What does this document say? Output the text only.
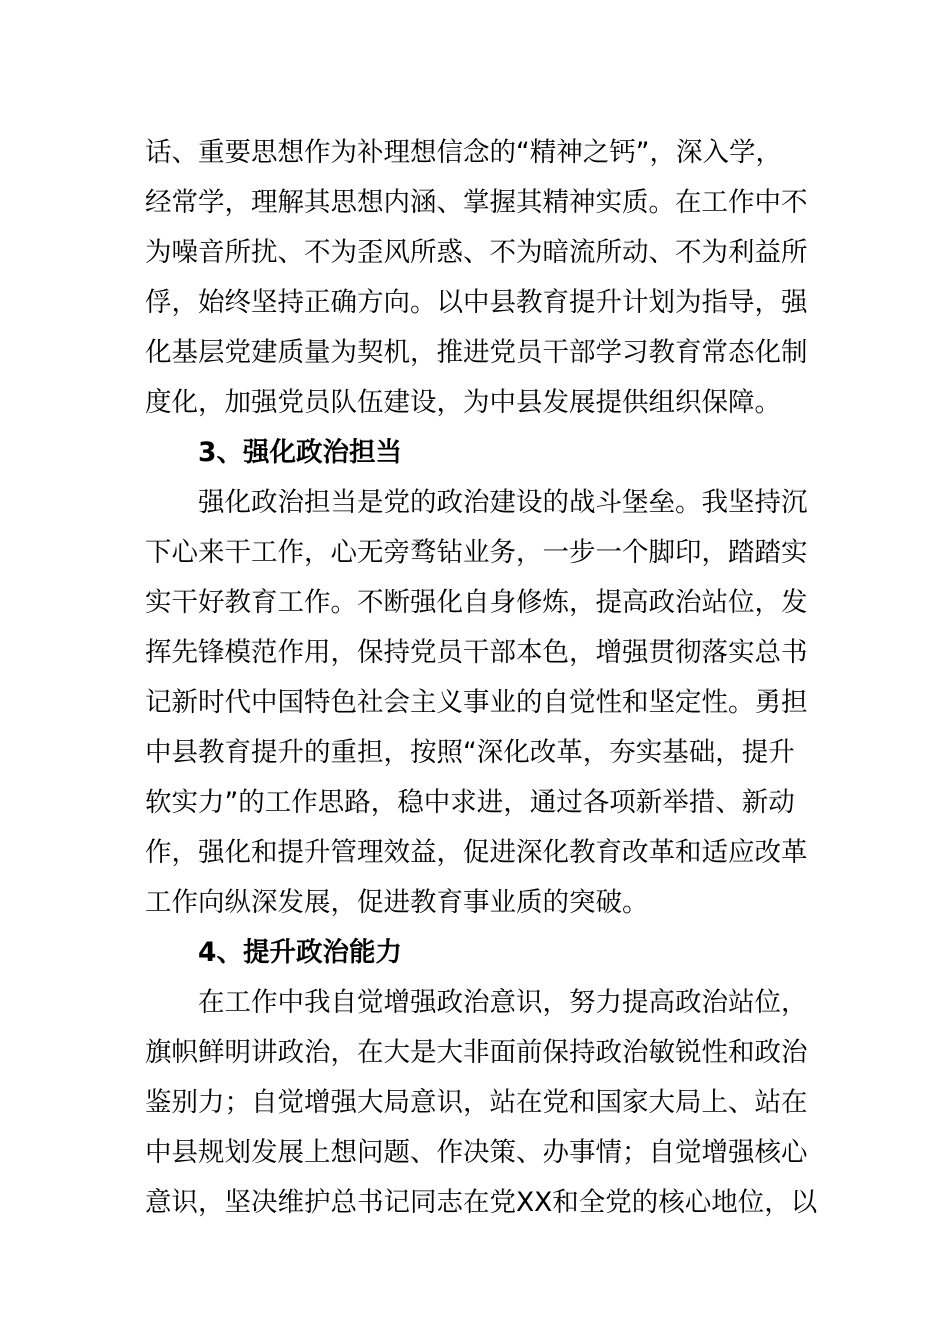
话、重要思想作为补理想信念的“精神之钙”，深入学，
经常学，理解其思想内涵、掌握其精神实质。在工作中不
为噪音所扰、不为歪风所惑、不为暗流所动、不为利益所
俘，始终坚持正确方向。以中县教育提升计划为指导，强
化基层党建质量为契机，推进党员干部学习教育常态化制
度化，加强党员队伍建设，为中县发展提供组织保障。
3、强化政治担当
强化政治担当是党的政治建设的战斗堡垒。我坚持沉
下心来干工作，心无旁骛钻业务，一步一个脚印，踏踏实
实干好教育工作。不断强化自身修炼，提高政治站位，发
挥先锋模范作用，保持党员干部本色，增强贯彻落实总书
记新时代中国特色社会主义事业的自觉性和坚定性。勇担
中县教育提升的重担，按照“深化改革，夯实基础，提升
软实力”的工作思路，稳中求进，通过各项新举措、新动
作，强化和提升管理效益，促进深化教育改革和适应改革
工作向纵深发展，促进教育事业质的突破。
4、提升政治能力
在工作中我自觉增强政治意识，努力提高政治站位，
旗帜鲜明讲政治，在大是大非面前保持政治敏锐性和政治
鉴别力；自觉增强大局意识，站在党和国家大局上、站在
中县规划发展上想问题、作决策、办事情；自觉增强核心
意识，坚决维护总书记同志在党XX和全党的核心地位，以
